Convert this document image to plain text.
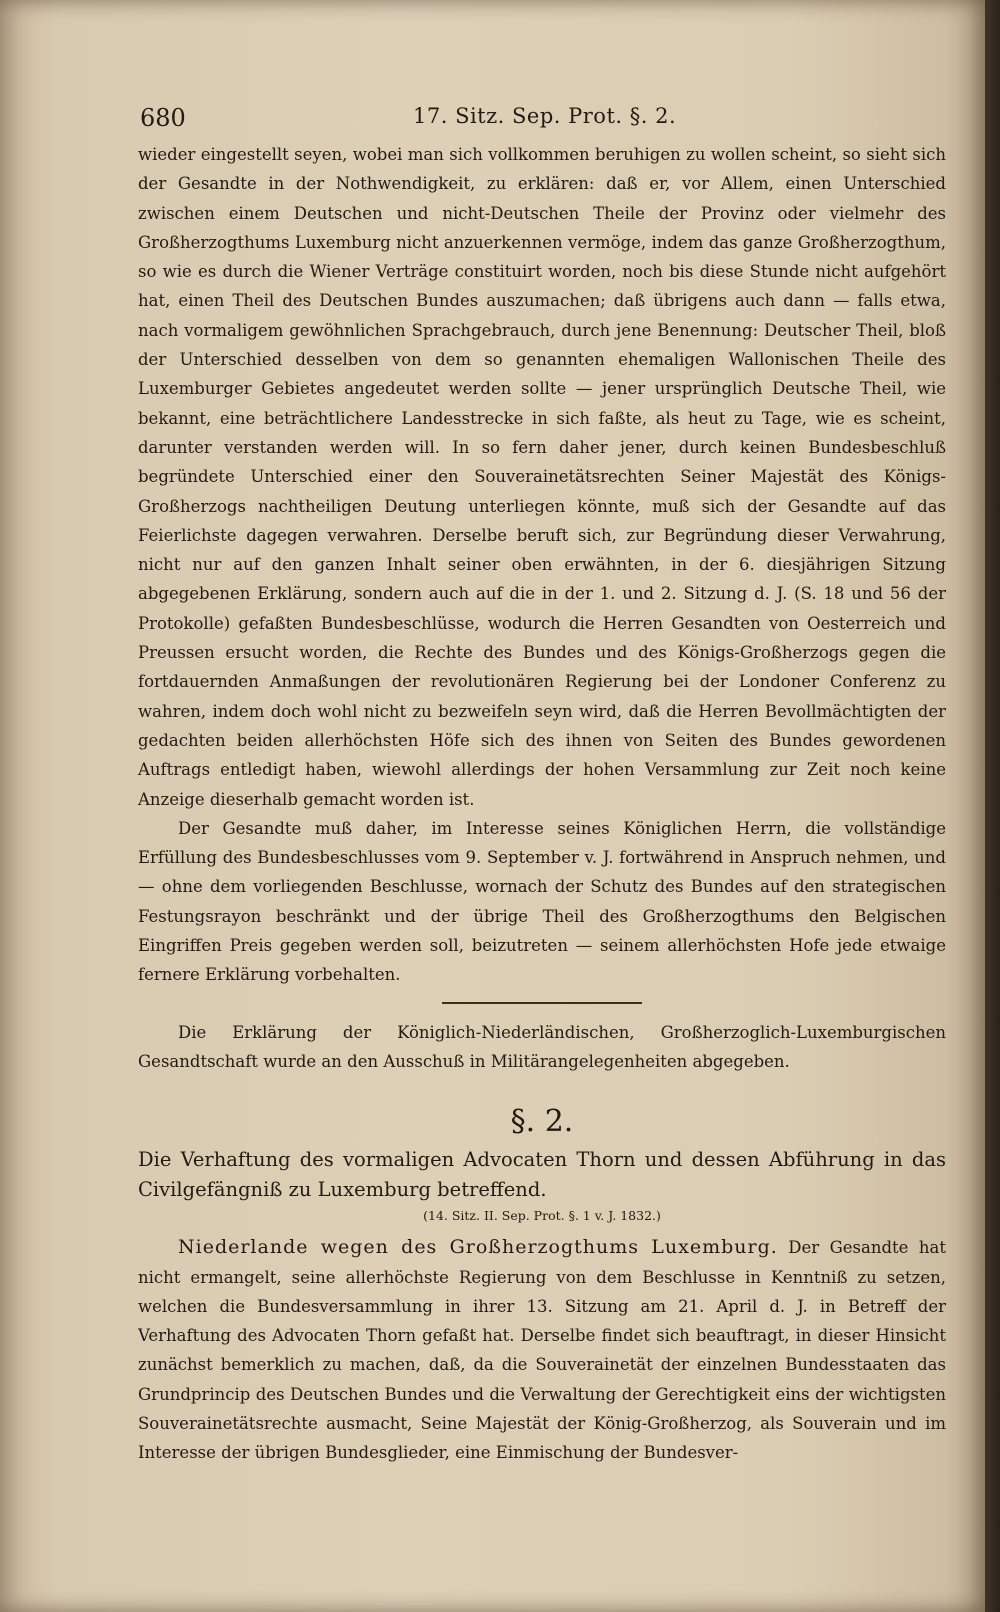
680	17. Sitz. Sep. Prot. §. 2.

wieder eingestellt seyen, wobei man sich vollkommen beruhigen zu wollen scheint, so sieht sich der Gesandte in der Nothwendigkeit, zu erklären: daß er, vor Allem, einen Unterschied zwischen einem Deutschen und nicht-Deutschen Theile der Provinz oder vielmehr des Großherzogthums Luxemburg nicht anzuerkennen vermöge, indem das ganze Großherzogthum, so wie es durch die Wiener Verträge constituirt worden, noch bis diese Stunde nicht aufgehört hat, einen Theil des Deutschen Bundes auszumachen; daß übrigens auch dann — falls etwa, nach vormaligem gewöhnlichen Sprachgebrauch, durch jene Benennung: Deutscher Theil, bloß der Unterschied desselben von dem so genannten ehemaligen Wallonischen Theile des Luxemburger Gebietes angedeutet werden sollte — jener ursprünglich Deutsche Theil, wie bekannt, eine beträchtlichere Landesstrecke in sich faßte, als heut zu Tage, wie es scheint, darunter verstanden werden will. In so fern daher jener, durch keinen Bundesbeschluß begründete Unterschied einer den Souverainetätsrechten Seiner Majestät des Königs-Großherzogs nachtheiligen Deutung unterliegen könnte, muß sich der Gesandte auf das Feierlichste dagegen verwahren. Derselbe beruft sich, zur Begründung dieser Verwahrung, nicht nur auf den ganzen Inhalt seiner oben erwähnten, in der 6. diesjährigen Sitzung abgegebenen Erklärung, sondern auch auf die in der 1. und 2. Sitzung d. J. (S. 18 und 56 der Protokolle) gefaßten Bundesbeschlüsse, wodurch die Herren Gesandten von Oesterreich und Preussen ersucht worden, die Rechte des Bundes und des Königs-Großherzogs gegen die fortdauernden Anmaßungen der revolutionären Regierung bei der Londoner Conferenz zu wahren, indem doch wohl nicht zu bezweifeln seyn wird, daß die Herren Bevollmächtigten der gedachten beiden allerhöchsten Höfe sich des ihnen von Seiten des Bundes gewordenen Auftrags entledigt haben, wiewohl allerdings der hohen Versammlung zur Zeit noch keine Anzeige dieserhalb gemacht worden ist.

Der Gesandte muß daher, im Interesse seines Königlichen Herrn, die vollständige Erfüllung des Bundesbeschlusses vom 9. September v. J. fortwährend in Anspruch nehmen, und — ohne dem vorliegenden Beschlusse, wornach der Schutz des Bundes auf den strategischen Festungsrayon beschränkt und der übrige Theil des Großherzogthums den Belgischen Eingriffen Preis gegeben werden soll, beizutreten — seinem allerhöchsten Hofe jede etwaige fernere Erklärung vorbehalten.

Die Erklärung der Königlich-Niederländischen, Großherzoglich-Luxemburgischen Gesandtschaft wurde an den Ausschuß in Militärangelegenheiten abgegeben.

§. 2.

Die Verhaftung des vormaligen Advocaten Thorn und dessen Abführung in das Civilgefängniß zu Luxemburg betreffend.

(14. Sitz. II. Sep. Prot. §. 1 v. J. 1832.)

Niederlande wegen des Großherzogthums Luxemburg. Der Gesandte hat nicht ermangelt, seine allerhöchste Regierung von dem Beschlusse in Kenntniß zu setzen, welchen die Bundesversammlung in ihrer 13. Sitzung am 21. April d. J. in Betreff der Verhaftung des Advocaten Thorn gefaßt hat. Derselbe findet sich beauftragt, in dieser Hinsicht zunächst bemerklich zu machen, daß, da die Souverainetät der einzelnen Bundesstaaten das Grundprincip des Deutschen Bundes und die Verwaltung der Gerechtigkeit eins der wichtigsten Souverainetätsrechte ausmacht, Seine Majestät der König-Großherzog, als Souverain und im Interesse der übrigen Bundesglieder, eine Einmischung der Bundesver-
